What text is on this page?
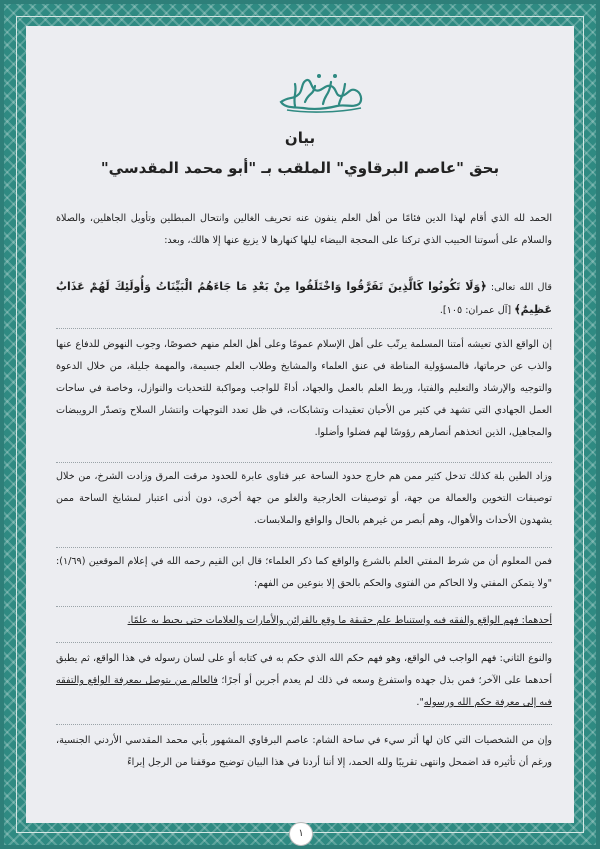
بيان
بحق "عاصم البرقاوي" الملقب بـ "أبو محمد المقدسي"

الحمد لله الذي أقام لهذا الدين فئامًا من أهل العلم ينفون عنه تحريف الغالين وانتحال المبطلين وتأويل الجاهلين، والصلاة والسلام على أسوتنا الحبيب الذي تركنا على المحجة البيضاء ليلها كنهارها لا يزيغ عنها إلا هالك، وبعد:

قال الله تعالى: ﴿وَلَا تَكُونُوا كَالَّذِينَ تَفَرَّقُوا وَاخْتَلَفُوا مِنْ بَعْدِ مَا جَاءَهُمُ الْبَيِّنَاتُ وَأُولَئِكَ لَهُمْ عَذَابٌ عَظِيمٌ﴾ [آل عمران: ١٠٥].

إن الواقع الذي تعيشه أمتنا المسلمة يرتّب على أهل الإسلام عمومًا وعلى أهل العلم منهم خصوصًا، وجوب النهوض للدفاع عنها والذب عن حرماتها، فالمسؤولية المناطة في عنق العلماء والمشايخ وطلاب العلم جسيمة، والمهمة جليلة، من خلال الدعوة والتوجيه والإرشاد والتعليم والفتيا، وربط العلم بالعمل والجهاد، أداءً للواجب ومواكبة للتحديات والنوازل، وخاصة في ساحات العمل الجهادي التي تشهد في كثير من الأحيان تعقيدات وتشابكات، في ظل تعدد التوجهات وانتشار السلاح وتصدّر الرويبضات والمجاهيل، الذين اتخذهم أنصارهم رؤوسًا لهم فضلوا وأضلوا.

وزاد الطين بلة كذلك تدخل كثير ممن هم خارج حدود الساحة عبر فتاوى عابرة للحدود مرقت المرق وزادت الشرخ، من خلال توصيفات التخوين والعمالة من جهة، أو توصيفات الخارجية والغلو من جهة أخرى، دون أدنى اعتبار لمشايخ الساحة ممن يشهدون الأحداث والأهوال، وهم أبصر من غيرهم بالحال والواقع والملابسات.

فمن المعلوم أن من شرط المفتي العلم بالشرع والواقع كما ذكر العلماء؛ قال ابن القيم رحمه الله في إعلام الموقعين (١/٦٩): "ولا يتمكن المفتي ولا الحاكم من الفتوى والحكم بالحق إلا بنوعين من الفهم:

أحدهما: فهم الواقع والفقه فيه واستنباط علم حقيقة ما وقع بالقرائن والأمارات والعلامات حتى يحيط به علمًا.

والنوع الثاني: فهم الواجب في الواقع، وهو فهم حكم الله الذي حكم به في كتابه أو على لسان رسوله في هذا الواقع، ثم يطبق أحدهما على الآخر؛ فمن بذل جهده واستفرغ وسعه في ذلك لم يعدم أجرين أو أجرًا؛ فالعالم من يتوصل بمعرفة الواقع والتفقه فيه إلى معرفة حكم الله ورسوله".

وإن من الشخصيات التي كان لها أثر سيء في ساحة الشام: عاصم البرقاوي المشهور بأبي محمد المقدسي الأردني الجنسية، ورغم أن تأثيره قد اضمحل وانتهى تقريبًا ولله الحمد، إلا أننا أردنا في هذا البيان توضيح موقفنا من الرجل إبراءً

١
